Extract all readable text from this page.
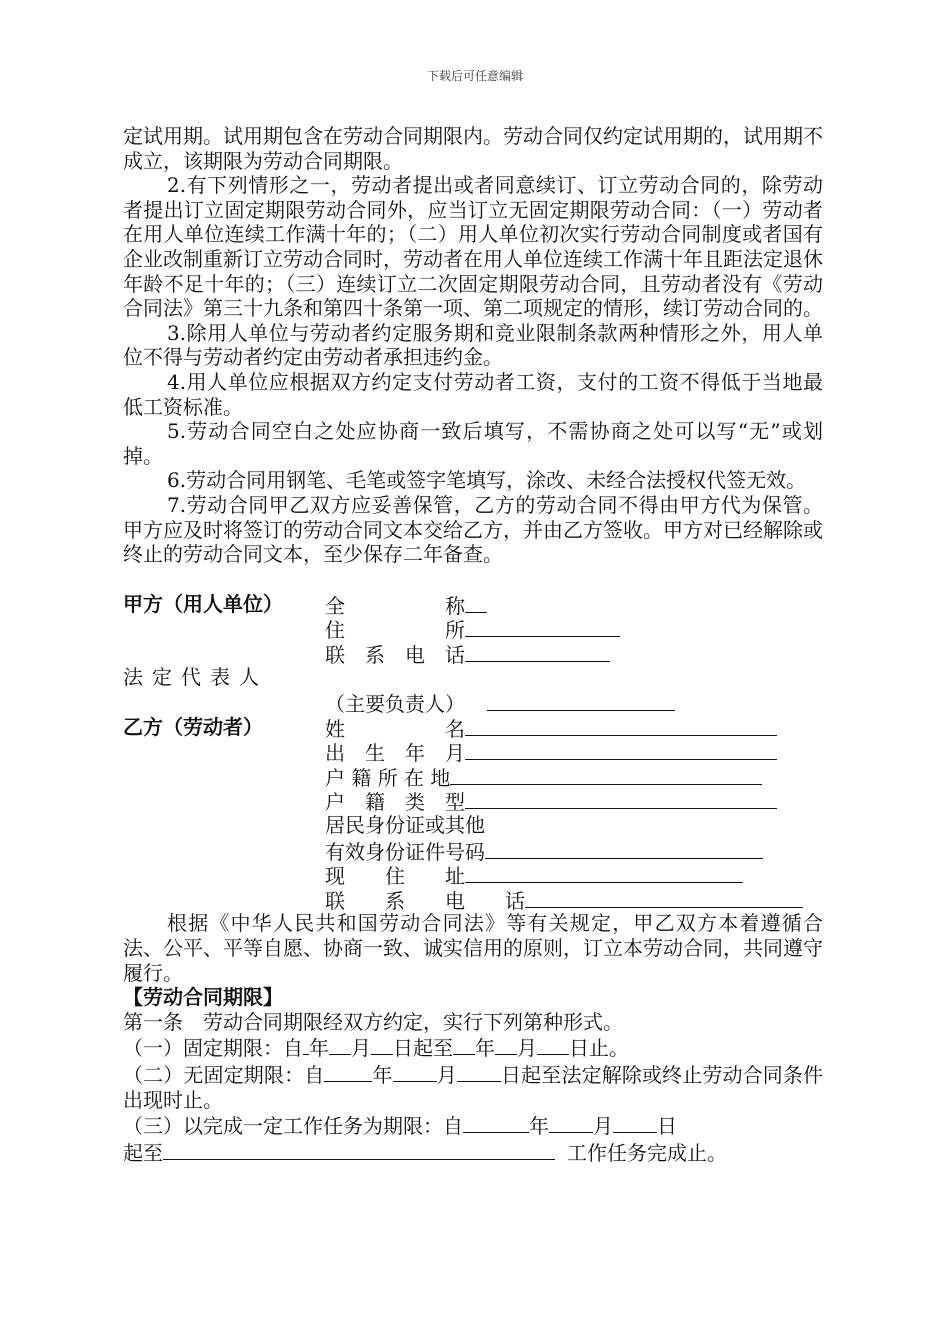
下载后可任意编辑

定试用期。试用期包含在劳动合同期限内。劳动合同仅约定试用期的，试用期不成立，该期限为劳动合同期限。

2.有下列情形之一，劳动者提出或者同意续订、订立劳动合同的，除劳动者提出订立固定期限劳动合同外，应当订立无固定期限劳动合同：（一）劳动者在用人单位连续工作满十年的；（二）用人单位初次实行劳动合同制度或者国有企业改制重新订立劳动合同时，劳动者在用人单位连续工作满十年且距法定退休年龄不足十年的；（三）连续订立二次固定期限劳动合同，且劳动者没有《劳动合同法》第三十九条和第四十条第一项、第二项规定的情形，续订劳动合同的。

3.除用人单位与劳动者约定服务期和竞业限制条款两种情形之外，用人单位不得与劳动者约定由劳动者承担违约金。

4.用人单位应根据双方约定支付劳动者工资，支付的工资不得低于当地最低工资标准。

5.劳动合同空白之处应协商一致后填写，不需协商之处可以写“无”或划掉。

6.劳动合同用钢笔、毛笔或签字笔填写，涂改、未经合法授权代签无效。

7.劳动合同甲乙双方应妥善保管，乙方的劳动合同不得由甲方代为保管。甲方应及时将签订的劳动合同文本交给乙方，并由乙方签收。甲方对已经解除或终止的劳动合同文本，至少保存二年备查。

甲方（用人单位） 全　　　　　称
住　　　　　所
联　系　电　话
法定代表人
（主要负责人）
乙方（劳动者）	姓　　　　　名
出　生　年　月
户 籍 所 在 地
户　籍　类　型
居民身份证或其他
有效身份证件号码
现　　住　　址
联　　系　　电　　话

根据《中华人民共和国劳动合同法》等有关规定，甲乙双方本着遵循合法、公平、平等自愿、协商一致、诚实信用的原则，订立本劳动合同，共同遵守履行。

【劳动合同期限】

第一条　劳动合同期限经双方约定，实行下列第种形式。

（一）固定期限：自 年 月 日起至 年 月 日止。

（二）无固定期限：自 年 月 日起至法定解除或终止劳动合同条件出现时止。

（三）以完成一定工作任务为期限：自	年 月 日

起至	工作任务完成止。
